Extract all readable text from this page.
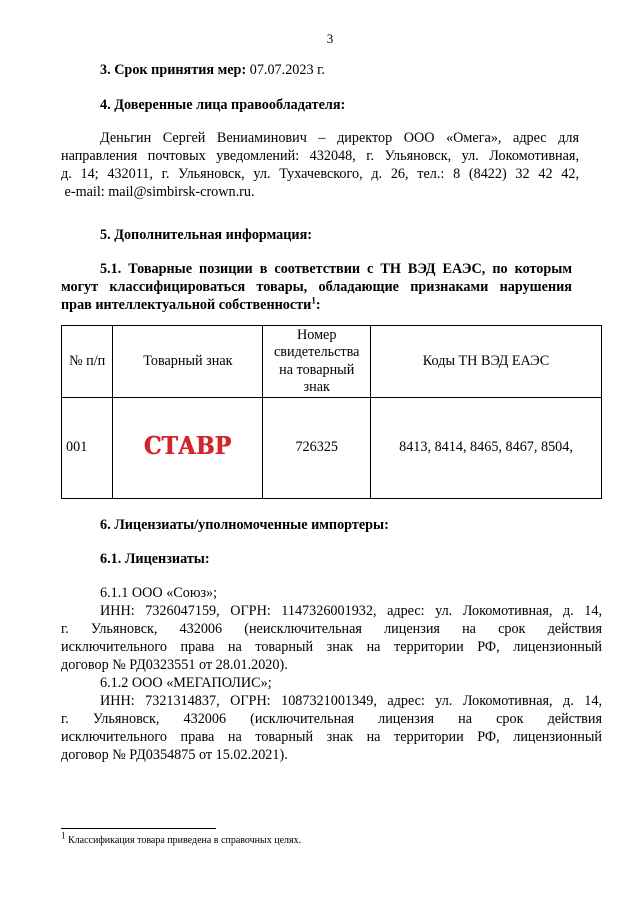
3
3. Срок принятия мер: 07.07.2023 г.
4. Доверенные лица правообладателя:
Деньгин Сергей Вениаминович – директор ООО «Омега», адрес для
направления почтовых уведомлений: 432048, г. Ульяновск, ул. Локомотивная,
д. 14; 432011, г. Ульяновск, ул. Тухачевского, д. 26, тел.: 8 (8422) 32 42 42,
e-mail: mail@simbirsk-crown.ru.
5. Дополнительная информация:
5.1. Товарные позиции в соответствии с ТН ВЭД ЕАЭС, по которым
могут классифицироваться товары, обладающие признаками нарушения
прав интеллектуальной собственности$^1$:
№ п/п	Товарный знак	Номер свидетельства на товарный знак	Коды ТН ВЭД ЕАЭС
001	СТАВР	726325	8413, 8414, 8465, 8467, 8504,
6. Лицензиаты/уполномоченные импортеры:
6.1. Лицензиаты:
6.1.1 ООО «Союз»;
ИНН: 7326047159, ОГРН: 1147326001932, адрес: ул. Локомотивная, д. 14,
г. Ульяновск, 432006 (неисключительная лицензия на срок действия
исключительного права на товарный знак на территории РФ, лицензионный
договор № РД0323551 от 28.01.2020).
6.1.2 ООО «МЕГАПОЛИС»;
ИНН: 7321314837, ОГРН: 1087321001349, адрес: ул. Локомотивная, д. 14,
г. Ульяновск, 432006 (исключительная лицензия на срок действия
исключительного права на товарный знак на территории РФ, лицензионный
договор № РД0354875 от 15.02.2021).
$^1$ Классификация товара приведена в справочных целях.
